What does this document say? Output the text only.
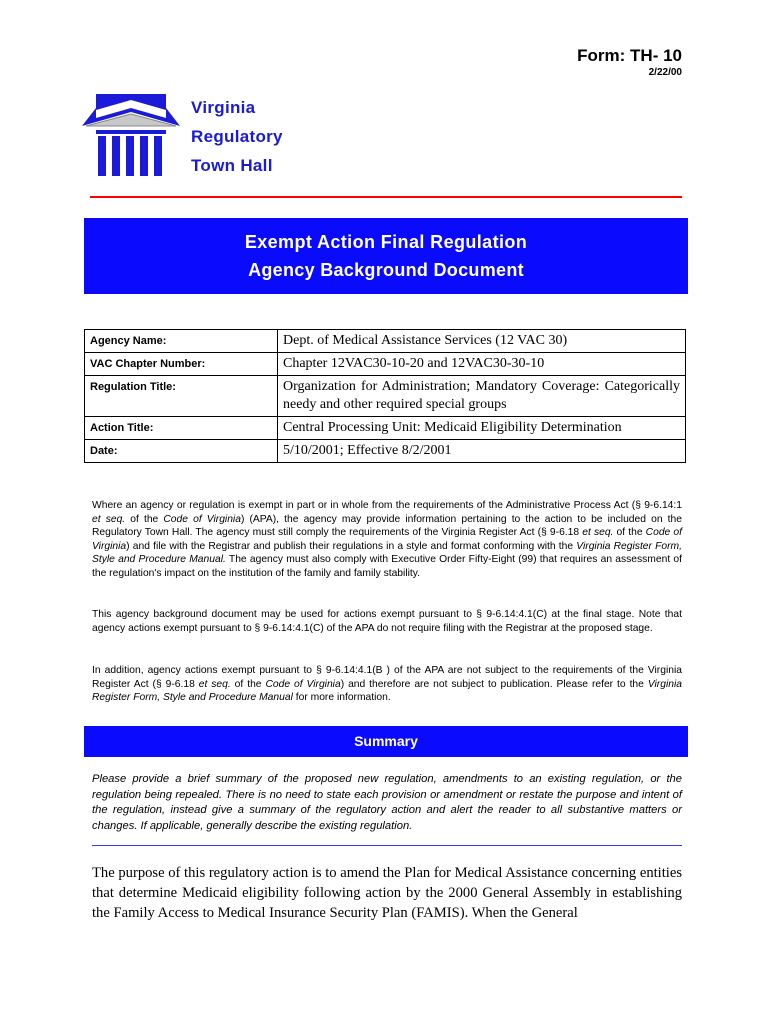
Form: TH- 10
2/22/00
Virginia
Regulatory
Town Hall
Exempt Action Final Regulation
Agency Background Document
Agency Name:	Dept. of Medical Assistance Services (12 VAC 30)
VAC Chapter Number:	Chapter 12VAC30-10-20 and 12VAC30-30-10
Regulation Title:	Organization for Administration; Mandatory Coverage: Categorically needy and other required special groups
Action Title:	Central Processing Unit: Medicaid Eligibility Determination
Date:	5/10/2001; Effective 8/2/2001
Where an agency or regulation is exempt in part or in whole from the requirements of the Administrative Process Act (§ 9-6.14:1 et seq. of the Code of Virginia) (APA), the agency may provide information pertaining to the action to be included on the Regulatory Town Hall. The agency must still comply the requirements of the Virginia Register Act (§ 9-6.18 et seq. of the Code of Virginia) and file with the Registrar and publish their regulations in a style and format conforming with the Virginia Register Form, Style and Procedure Manual. The agency must also comply with Executive Order Fifty-Eight (99) that requires an assessment of the regulation's impact on the institution of the family and family stability.
This agency background document may be used for actions exempt pursuant to § 9-6.14:4.1(C) at the final stage. Note that agency actions exempt pursuant to § 9-6.14:4.1(C) of the APA do not require filing with the Registrar at the proposed stage.
In addition, agency actions exempt pursuant to § 9-6.14:4.1(B ) of the APA are not subject to the requirements of the Virginia Register Act (§ 9-6.18 et seq. of the Code of Virginia) and therefore are not subject to publication. Please refer to the Virginia Register Form, Style and Procedure Manual for more information.
Summary
Please provide a brief summary of the proposed new regulation, amendments to an existing regulation, or the regulation being repealed. There is no need to state each provision or amendment or restate the purpose and intent of the regulation, instead give a summary of the regulatory action and alert the reader to all substantive matters or changes. If applicable, generally describe the existing regulation.
The purpose of this regulatory action is to amend the Plan for Medical Assistance concerning entities that determine Medicaid eligibility following action by the 2000 General Assembly in establishing the Family Access to Medical Insurance Security Plan (FAMIS). When the General
